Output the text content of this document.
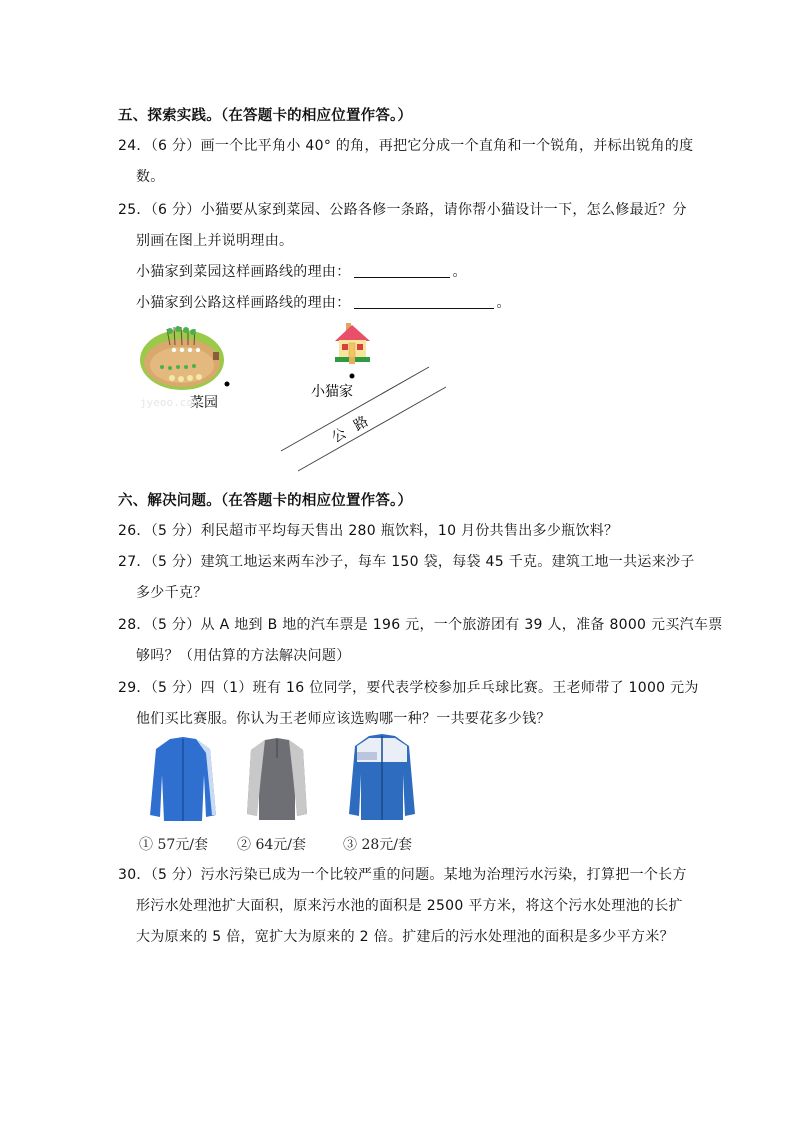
五、探索实践。（在答题卡的相应位置作答。）
24．（6 分）画一个比平角小 40° 的角，再把它分成一个直角和一个锐角，并标出锐角的度
数。
25．（6 分）小猫要从家到菜园、公路各修一条路，请你帮小猫设计一下，怎么修最近？分
别画在图上并说明理由。
小猫家到菜园这样画路线的理由：	。
小猫家到公路这样画路线的理由：	。
菜园
jyeoo.com
小猫家
公
路
六、解决问题。（在答题卡的相应位置作答。）
26．（5 分）利民超市平均每天售出 280 瓶饮料，10 月份共售出多少瓶饮料？
27．（5 分）建筑工地运来两车沙子，每车 150 袋，每袋 45 千克。建筑工地一共运来沙子
多少千克？
28．（5 分）从 A 地到 B 地的汽车票是 196 元，一个旅游团有 39 人，准备 8000 元买汽车票
够吗？（用估算的方法解决问题）
29．（5 分）四（1）班有 16 位同学，要代表学校参加乒乓球比赛。王老师带了 1000 元为
他们买比赛服。你认为王老师应该选购哪一种？一共要花多少钱？
① 57元/套 ② 64元/套	③ 28元/套
30．（5 分）污水污染已成为一个比较严重的问题。某地为治理污水污染，打算把一个长方
形污水处理池扩大面积，原来污水池的面积是 2500 平方米，将这个污水处理池的长扩
大为原来的 5 倍，宽扩大为原来的 2 倍。扩建后的污水处理池的面积是多少平方米？
